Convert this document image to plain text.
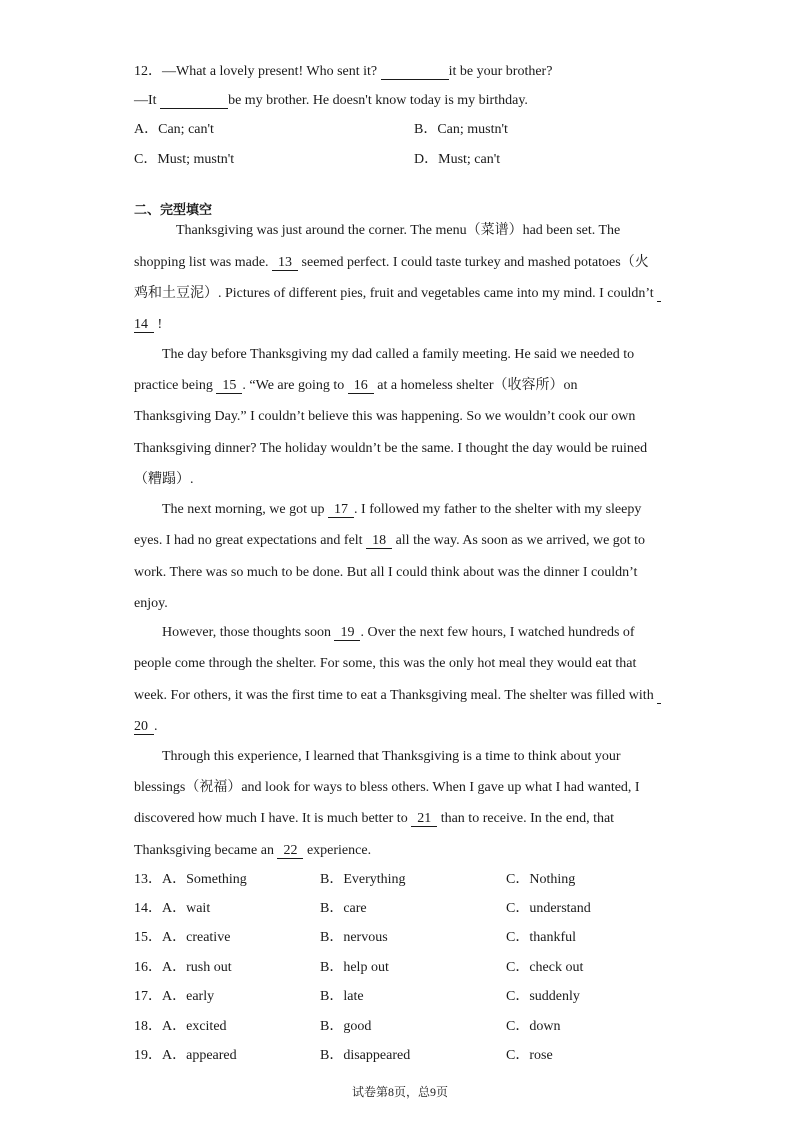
12．—What a lovely present! Who sent it?	it be your brother?
—It	be my brother. He doesn't know today is my birthday.
A．Can; can't	B．Can; mustn't
C．Must; mustn't	D．Must; can't
二、完型填空
Thanksgiving was just around the corner. The menu（菜谱）had been set. The
shopping list was made. 13 seemed perfect. I could taste turkey and mashed potatoes（火
鸡和土豆泥）. Pictures of different pies, fruit and vegetables came into my mind. I couldn’t
14 !
The day before Thanksgiving my dad called a family meeting. He said we needed to
practice being 15 . “We are going to 16 at a homeless shelter（收容所）on
Thanksgiving Day.” I couldn’t believe this was happening. So we wouldn’t cook our own
Thanksgiving dinner? The holiday wouldn’t be the same. I thought the day would be ruined
（糟蹋）.
The next morning, we got up 17 . I followed my father to the shelter with my sleepy
eyes. I had no great expectations and felt 18 all the way. As soon as we arrived, we got to
work. There was so much to be done. But all I could think about was the dinner I couldn’t
enjoy.
However, those thoughts soon 19 . Over the next few hours, I watched hundreds of
people come through the shelter. For some, this was the only hot meal they would eat that
week. For others, it was the first time to eat a Thanksgiving meal. The shelter was filled with
20 .
Through this experience, I learned that Thanksgiving is a time to think about your
blessings（祝福）and look for ways to bless others. When I gave up what I had wanted, I
discovered how much I have. It is much better to 21 than to receive. In the end, that
Thanksgiving became an 22 experience.
13． A．Something	B．Everything	C．Nothing
14． A．wait	B．care	C．understand
15． A．creative	B．nervous	C．thankful
16． A．rush out	B．help out	C．check out
17． A．early	B．late	C．suddenly
18． A．excited	B．good	C．down
19． A．appeared	B．disappeared	C．rose
试卷第8页，总9页
